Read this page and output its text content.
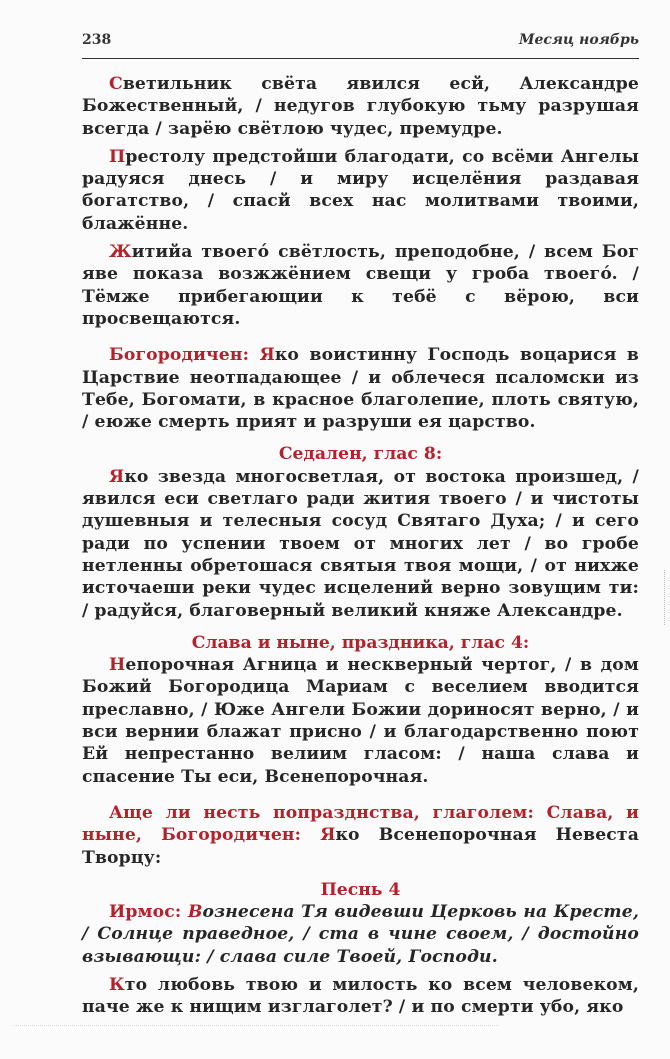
238	Месяц ноябрь

Светильник свёта явился есй, Александре Божественный, / недугов глубокую тьму разрушая всегда / зарёю свётлою чудес, премудре.

Престолу предстойши благодати, со всёми Ангелы радуяся днесь / и миру исцелёния раздавая богатство, / спасй всех нас молитвами твоими, блажённе.

Житийа твоегó свётлость, преподобне, / всем Бог яве показа возжжёнием свещи у гроба твоегó. / Тёмже прибегающии к тебё с вёрою, вси просвещаются.

Богородичен: Яко воистинну Господь воцарися в Царствие неотпадающее / и облечеся псаломски из Тебе, Богомати, в красное благолепие, плоть святую, / еюже смерть прият и разруши ея царство.

Седален, глас 8:

Яко звезда многосветлая, от востока произшед, / явился еси светлаго ради жития твоего / и чистоты душевныя и телесныя сосуд Святаго Духа; / и сего ради по успении твоем от многих лет / во гробе нетленны обретошася святыя твоя мощи, / от нихже источаеши реки чудес исцелений верно зовущим ти: / радуйся, благоверный великий княже Александре.

Слава и ныне, праздника, глас 4:

Непорочная Агница и нескверный чертог, / в дом Божий Богородица Мариам с веселием вводится преславно, / Юже Ангели Божии дориносят верно, / и вси вернии блажат присно / и благодарственно поют Ей непрестанно велиим гласом: / наша слава и спасение Ты еси, Всенепорочная.

Аще ли несть попразднства, глаголем: Слава, и ныне, Богородичен: Яко Всенепорочная Невеста Творцу:

Песнь 4

Ирмос: Вознесена Тя видевши Церковь на Кресте, / Солнце праведное, / ста в чине своем, / достойно взывающи: / слава силе Твоей, Господи.

Кто любовь твою и милость ко всем человеком, паче же к нищим изглаголет? / и по смерти убо, яко
